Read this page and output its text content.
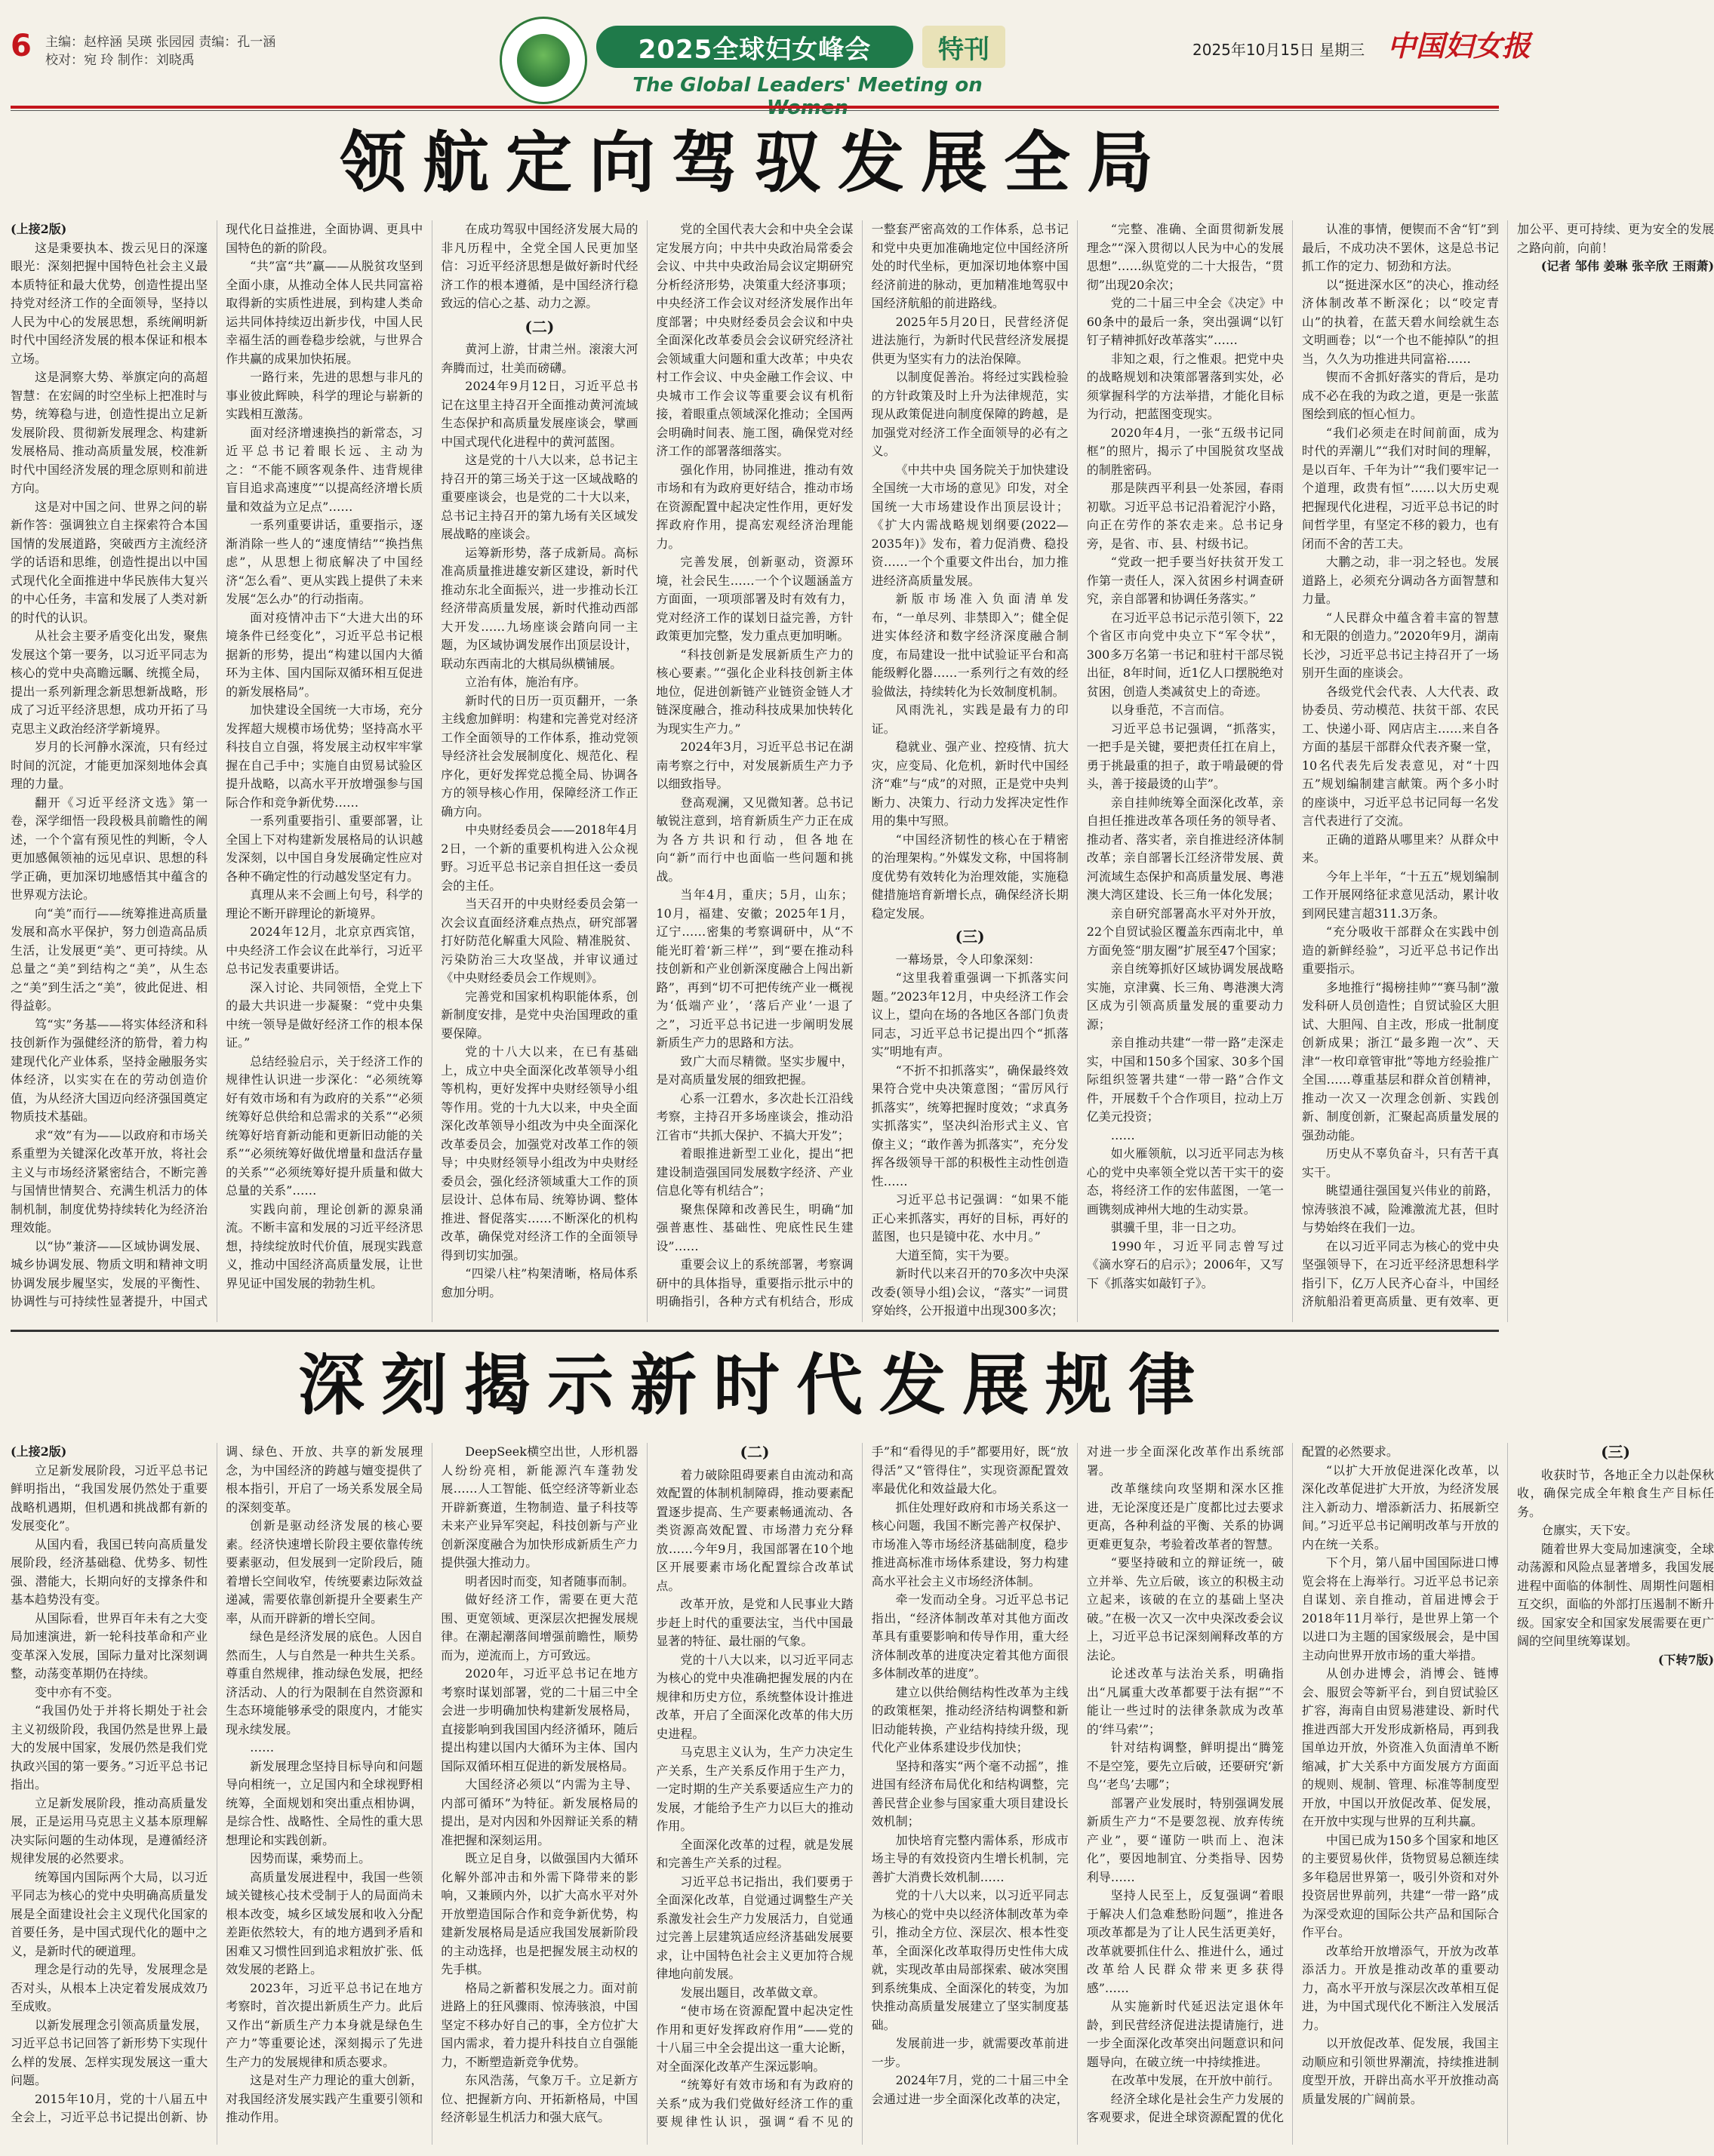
6 主编：赵梓涵 吴瑛 张园园 责编：孔一涵
校对：宛 玲 制作：刘晓禹	2025全球妇女峰会	特刊
The Global Leaders' Meeting on
2025年10月15日 星期三 中国妇女报
领航定向驾驭发展全局

(上接2版)

这是秉要执本、拨云见日的深邃眼光：深刻把握中国特色社会主义最本质特征和最大优势，创造性提出坚持党对经济工作的全面领导，坚持以人民为中心的发展思想，系统阐明新时代中国经济发展的根本保证和根本立场。

这是洞察大势、举旗定向的高超智慧：在宏阔的时空坐标上把准时与势，统筹稳与进，创造性提出立足新发展阶段、贯彻新发展理念、构建新发展格局、推动高质量发展，校准新时代中国经济发展的理念原则和前进方向。

这是对中国之问、世界之问的崭新作答：强调独立自主探索符合本国国情的发展道路，突破西方主流经济学的话语和思维，创造性提出以中国式现代化全面推进中华民族伟大复兴的中心任务，丰富和发展了人类对新的时代的认识。

从社会主要矛盾变化出发，聚焦发展这个第一要务，以习近平同志为核心的党中央高瞻远瞩、统揽全局，提出一系列新理念新思想新战略，形成了习近平经济思想，成功开拓了马克思主义政治经济学新境界。

岁月的长河静水深流，只有经过时间的沉淀，才能更加深刻地体会真理的力量。

翻开《习近平经济文选》第一卷，深学细悟一段段极具前瞻性的阐述，一个个富有预见性的判断，令人更加感佩领袖的远见卓识、思想的科学正确，更加深切地感悟其中蕴含的世界观方法论。

向“美”而行——统筹推进高质量发展和高水平保护，努力创造高品质生活，让发展更“美”、更可持续。从总量之“美”到结构之“美”，从生态之“美”到生活之“美”，彼此促进、相得益彰。

笃“实”务基——将实体经济和科技创新作为强健经济的筋骨，着力构建现代化产业体系，坚持金融服务实体经济，以实实在在的劳动创造价值，为从经济大国迈向经济强国奠定物质技术基础。

求“效”有为——以政府和市场关系重塑为关键深化改革开放，将社会主义与市场经济紧密结合，不断完善与国情世情契合、充满生机活力的体制机制，制度优势持续转化为经济治理效能。

以“协”兼济——区域协调发展、城乡协调发展、物质文明和精神文明协调发展步履坚实，发展的平衡性、协调性与可持续性显著提升，中国式现代化日益推进，全面协调、更具中国特色的新的阶段。

“共”富“共”赢——从脱贫攻坚到全面小康，从推动全体人民共同富裕取得新的实质性进展，到构建人类命运共同体持续迈出新步伐，中国人民幸福生活的画卷稳步绘就，与世界合作共赢的成果加快拓展。

一路行来，先进的思想与非凡的事业彼此辉映，科学的理论与崭新的实践相互激荡。

面对经济增速换挡的新常态，习近平总书记着眼长远、主动为之：“不能不顾客观条件、违背规律盲目追求高速度”“以提高经济增长质量和效益为立足点”……

一系列重要讲话，重要指示，逐渐消除一些人的“速度情结”“换挡焦虑”，从思想上彻底解决了中国经济“怎么看”、更从实践上提供了未来发展“怎么办”的行动指南。

面对疫情冲击下“大进大出的环境条件已经变化”，习近平总书记根据新的形势，提出“构建以国内大循环为主体、国内国际双循环相互促进的新发展格局”。

加快建设全国统一大市场，充分发挥超大规模市场优势；坚持高水平科技自立自强，将发展主动权牢牢掌握在自己手中；实施自由贸易试验区提升战略，以高水平开放增强参与国际合作和竞争新优势……

一系列重要指引、重要部署，让全国上下对构建新发展格局的认识越发深刻，以中国自身发展确定性应对各种不确定性的行动越发坚定有力。

真理从来不会画上句号，科学的理论不断开辟理论的新境界。

2024年12月，北京京西宾馆，中央经济工作会议在此举行，习近平总书记发表重要讲话。

深入讨论、共同领悟，全党上下的最大共识进一步凝聚：“党中央集中统一领导是做好经济工作的根本保证。”

总结经验启示，关于经济工作的规律性认识进一步深化：“必须统筹好有效市场和有为政府的关系”“必须统筹好总供给和总需求的关系”“必须统筹好培育新动能和更新旧动能的关系”“必须统筹好做优增量和盘活存量的关系”“必须统筹好提升质量和做大总量的关系”……

实践向前，理论创新的源泉涌流。不断丰富和发展的习近平经济思想，持续绽放时代价值，展现实践意义，推动中国经济高质量发展，让世界见证中国发展的勃勃生机。

在成功驾驭中国经济发展大局的非凡历程中，全党全国人民更加坚信：习近平经济思想是做好新时代经济工作的根本遵循，是中国经济行稳致远的信心之基、动力之源。

(二)

黄河上游，甘肃兰州。滚滚大河奔腾而过，壮美而磅礴。

2024年9月12日，习近平总书记在这里主持召开全面推动黄河流域生态保护和高质量发展座谈会，擘画中国式现代化进程中的黄河蓝图。

这是党的十八大以来，总书记主持召开的第三场关于这一区域战略的重要座谈会，也是党的二十大以来，总书记主持召开的第九场有关区域发展战略的座谈会。

运筹新形势，落子成新局。高标准高质量推进雄安新区建设，新时代推动东北全面振兴，进一步推动长江经济带高质量发展，新时代推动西部大开发……九场座谈会踏向同一主题，为区域协调发展作出顶层设计，联动东西南北的大棋局纵横铺展。

立治有体，施治有序。

新时代的日历一页页翻开，一条主线愈加鲜明：构建和完善党对经济工作全面领导的工作体系，推动党领导经济社会发展制度化、规范化、程序化，更好发挥党总揽全局、协调各方的领导核心作用，保障经济工作正确方向。

中央财经委员会——2018年4月2日，一个新的重要机构进入公众视野。习近平总书记亲自担任这一委员会的主任。

当天召开的中央财经委员会第一次会议直面经济难点热点，研究部署打好防范化解重大风险、精准脱贫、污染防治三大攻坚战，并审议通过《中央财经委员会工作规则》。

完善党和国家机构职能体系，创新制度安排，是党中央治国理政的重要保障。

党的十八大以来，在已有基础上，成立中央全面深化改革领导小组等机构，更好发挥中央财经领导小组等作用。党的十九大以来，中央全面深化改革领导小组改为中央全面深化改革委员会，加强党对改革工作的领导；中央财经领导小组改为中央财经委员会，强化经济领域重大工作的顶层设计、总体布局、统筹协调、整体推进、督促落实……不断深化的机构改革，确保党对经济工作的全面领导得到切实加强。

“四梁八柱”构架清晰，格局体系愈加分明。

党的全国代表大会和中央全会谋定发展方向；中共中央政治局常委会会议、中共中央政治局会议定期研究分析经济形势，决策重大经济事项；中央经济工作会议对经济发展作出年度部署；中央财经委员会会议和中央全面深化改革委员会会议研究经济社会领域重大问题和重大改革；中央农村工作会议、中央金融工作会议、中央城市工作会议等重要会议有机衔接，着眼重点领域深化推动；全国两会明确时间表、施工图，确保党对经济工作的部署落细落实。

强化作用，协同推进，推动有效市场和有为政府更好结合，推动市场在资源配置中起决定性作用，更好发挥政府作用，提高宏观经济治理能力。

完善发展，创新驱动，资源环境，社会民生……一个个议题涵盖方方面面，一项项部署及时有效有力，党对经济工作的谋划日益完善，方针政策更加完整，发力重点更加明晰。

“科技创新是发展新质生产力的核心要素。”“强化企业科技创新主体地位，促进创新链产业链资金链人才链深度融合，推动科技成果加快转化为现实生产力。”

2024年3月，习近平总书记在湖南考察之行中，对发展新质生产力予以细致指导。

登高观澜，又见微知著。总书记敏锐注意到，培育新质生产力正在成为各方共识和行动，但各地在向“新”而行中也面临一些问题和挑战。

当年4月，重庆；5月，山东；10月，福建、安徽；2025年1月，辽宁……密集的考察调研中，从“不能光盯着‘新三样’”，到“要在推动科技创新和产业创新深度融合上闯出新路”，再到“切不可把传统产业一概视为‘低端产业’，‘落后产业’一退了之”，习近平总书记进一步阐明发展新质生产力的思路和方法。

致广大而尽精微。坚实步履中，是对高质量发展的细致把握。

心系一江碧水，多次赴长江沿线考察，主持召开多场座谈会，推动沿江省市“共抓大保护、不搞大开发”；

着眼推进新型工业化，提出“把建设制造强国同发展数字经济、产业信息化等有机结合”；

聚焦保障和改善民生，明确“加强普惠性、基础性、兜底性民生建设”……

重要会议上的系统部署，考察调研中的具体指导，重要指示批示中的明确指引，各种方式有机结合，形成一整套严密高效的工作体系，总书记和党中央更加准确地定位中国经济所处的时代坐标，更加深切地体察中国经济前进的脉动，更加精准地驾驭中国经济航船的前进路线。

2025年5月20日，民营经济促进法施行，为新时代民营经济发展提供更为坚实有力的法治保障。

以制度促善治。将经过实践检验的方针政策及时上升为法律规范，实现从政策促进向制度保障的跨越，是加强党对经济工作全面领导的必有之义。

《中共中央 国务院关于加快建设全国统一大市场的意见》印发，对全国统一大市场建设作出顶层设计；《扩大内需战略规划纲要(2022—2035年)》发布，着力促消费、稳投资……一个个重要文件出台，加力推进经济高质量发展。

新版市场准入负面清单发布，“一单尽列、非禁即入”；健全促进实体经济和数字经济深度融合制度，布局建设一批中试验证平台和高能级孵化器……一系列行之有效的经验做法，持续转化为长效制度机制。

风雨洗礼，实践是最有力的印证。

稳就业、强产业、控疫情、抗大灾，应变局、化危机，新时代中国经济“难”与“成”的对照，正是党中央判断力、决策力、行动力发挥决定性作用的集中写照。

“中国经济韧性的核心在于精密的治理架构。”外媒发文称，中国将制度优势有效转化为治理效能，实施稳健措施培育新增长点，确保经济长期稳定发展。

(三)

一幕场景，令人印象深刻：

“这里我着重强调一下抓落实问题。”2023年12月，中央经济工作会议上，望向在场的各地区各部门负责同志，习近平总书记提出四个“抓落实”明地有声。

“不折不扣抓落实”，确保最终效果符合党中央决策意图；“雷厉风行抓落实”，统筹把握时度效；“求真务实抓落实”，坚决纠治形式主义、官僚主义；“敢作善为抓落实”，充分发挥各级领导干部的积极性主动性创造性……

习近平总书记强调：“如果不能正心来抓落实，再好的目标，再好的蓝图，也只是镜中花、水中月。”

大道至简，实干为要。

新时代以来召开的70多次中央深改委(领导小组)会议，“落实”一词贯穿始终，公开报道中出现300多次；

“完整、准确、全面贯彻新发展理念”“深入贯彻以人民为中心的发展思想”……纵览党的二十大报告，“贯彻”出现20余次；

党的二十届三中全会《决定》中60条中的最后一条，突出强调“以钉钉子精神抓好改革落实”……

非知之艰，行之惟艰。把党中央的战略规划和决策部署落到实处，必须掌握科学的方法举措，才能化目标为行动，把蓝图变现实。

2020年4月，一张“五级书记同框”的照片，揭示了中国脱贫攻坚战的制胜密码。

那是陕西平利县一处茶园，春雨初歇。习近平总书记沿着泥泞小路，向正在劳作的茶农走来。总书记身旁，是省、市、县、村级书记。

“党政一把手要当好扶贫开发工作第一责任人，深入贫困乡村调查研究，亲自部署和协调任务落实。”

在习近平总书记示范引领下，22个省区市向党中央立下“军令状”，300多万名第一书记和驻村干部尽锐出征，8年时间，近1亿人口摆脱绝对贫困，创造人类减贫史上的奇迹。

以身垂范，不言而信。

习近平总书记强调，“抓落实，一把手是关键，要把责任扛在肩上，勇于挑最重的担子，敢于啃最硬的骨头，善于接最烫的山芋”。

亲自挂帅统筹全面深化改革，亲自担任推进改革各项任务的领导者、推动者、落实者，亲自推进经济体制改革；亲自部署长江经济带发展、黄河流域生态保护和高质量发展、粤港澳大湾区建设、长三角一体化发展；

亲自研究部署高水平对外开放，22个自贸试验区覆盖东西南北中，单方面免签“朋友圈”扩展至47个国家；

亲自统筹抓好区域协调发展战略实施，京津冀、长三角、粤港澳大湾区成为引领高质量发展的重要动力源；

亲自推动共建“一带一路”走深走实，中国和150多个国家、30多个国际组织签署共建“一带一路”合作文件，开展数千个合作项目，拉动上万亿美元投资；

……

如火雁领航，以习近平同志为核心的党中央率领全党以苦干实干的姿态，将经济工作的宏伟蓝图，一笔一画镌刻成神州大地的生动实景。

骐骥千里，非一日之功。

1990年，习近平同志曾写过《滴水穿石的启示》；2006年，又写下《抓落实如敲钉子》。

认准的事情，便锲而不舍“钉”到最后，不成功决不罢休，这是总书记抓工作的定力、韧劲和方法。

以“挺进深水区”的决心，推动经济体制改革不断深化；以“咬定青山”的执着，在蓝天碧水间绘就生态文明画卷；以“一个也不能掉队”的担当，久久为功推进共同富裕……

锲而不舍抓好落实的背后，是功成不必在我的为政之道，更是一张蓝图绘到底的恒心恒力。

“我们必须走在时间前面，成为时代的弄潮儿”“我们对时间的理解，是以百年、千年为计”“我们要牢记一个道理，政贵有恒”……以大历史观把握现代化进程，习近平总书记的时间哲学里，有坚定不移的毅力，也有闭而不舍的苦工夫。

大鹏之动，非一羽之轻也。发展道路上，必须充分调动各方面智慧和力量。

“人民群众中蕴含着丰富的智慧和无限的创造力。”2020年9月，湖南长沙，习近平总书记主持召开了一场别开生面的座谈会。

各级党代会代表、人大代表、政协委员、劳动模范、扶贫干部、农民工、快递小哥、网店店主……来自各方面的基层干部群众代表齐聚一堂，10名代表先后发表意见，对“十四五”规划编制建言献策。两个多小时的座谈中，习近平总书记同每一名发言代表进行了交流。

正确的道路从哪里来？从群众中来。

今年上半年，“十五五”规划编制工作开展网络征求意见活动，累计收到网民建言超311.3万条。

“充分吸收干部群众在实践中创造的新鲜经验”，习近平总书记作出重要指示。

多地推行“揭榜挂帅”“赛马制”激发科研人员创造性；自贸试验区大胆试、大胆闯、自主改，形成一批制度创新成果；浙江“最多跑一次”、天津“一枚印章管审批”等地方经验推广全国……尊重基层和群众首创精神，推动一次又一次理念创新、实践创新、制度创新，汇聚起高质量发展的强劲动能。

历史从不辜负奋斗，只有苦干真实干。

眺望通往强国复兴伟业的前路，惊涛骇浪不减，险滩激流尤甚，但时与势始终在我们一边。

在以习近平同志为核心的党中央坚强领导下，在习近平经济思想科学指引下，亿万人民齐心奋斗，中国经济航船沿着更高质量、更有效率、更加公平、更可持续、更为安全的发展之路向前，向前！

(记者 邹伟 姜琳 张辛欣 王雨萧)

深刻揭示新时代发展规律

(上接2版)

立足新发展阶段，习近平总书记鲜明指出，“我国发展仍然处于重要战略机遇期，但机遇和挑战都有新的发展变化”。

从国内看，我国已转向高质量发展阶段，经济基础稳、优势多、韧性强、潜能大，长期向好的支撑条件和基本趋势没有变。

从国际看，世界百年未有之大变局加速演进，新一轮科技革命和产业变革深入发展，国际力量对比深刻调整，动荡变革期仍在持续。

变中亦有不变。

“我国仍处于并将长期处于社会主义初级阶段，我国仍然是世界上最大的发展中国家，发展仍然是我们党执政兴国的第一要务。”习近平总书记指出。

立足新发展阶段，推动高质量发展，正是运用马克思主义基本原理解决实际问题的生动体现，是遵循经济规律发展的必然要求。

统筹国内国际两个大局，以习近平同志为核心的党中央明确高质量发展是全面建设社会主义现代化国家的首要任务，是中国式现代化的题中之义，是新时代的硬道理。

理念是行动的先导，发展理念是否对头，从根本上决定着发展成效乃至成败。

以新发展理念引领高质量发展，习近平总书记回答了新形势下实现什么样的发展、怎样实现发展这一重大问题。

2015年10月，党的十八届五中全会上，习近平总书记提出创新、协调、绿色、开放、共享的新发展理念，为中国经济的跨越与嬗变提供了根本指引，开启了一场关系发展全局的深刻变革。

创新是驱动经济发展的核心要素。经济快速增长阶段主要依靠传统要素驱动，但发展到一定阶段后，随着增长空间收窄，传统要素边际效益递减，需要依靠创新提升全要素生产率，从而开辟新的增长空间。

绿色是经济发展的底色。人因自然而生，人与自然是一种共生关系。尊重自然规律，推动绿色发展，把经济活动、人的行为限制在自然资源和生态环境能够承受的限度内，才能实现永续发展。

……

新发展理念坚持目标导向和问题导向相统一，立足国内和全球视野相统筹，全面规划和突出重点相协调，是综合性、战略性、全局性的重大思想理论和实践创新。

因势而谋，乘势而上。

高质量发展进程中，我国一些领域关键核心技术受制于人的局面尚未根本改变，城乡区域发展和收入分配差距依然较大，有的地方遇到矛盾和困难又习惯性回到追求粗放扩张、低效发展的老路上。

2023年，习近平总书记在地方考察时，首次提出新质生产力。此后又作出“新质生产力本身就是绿色生产力”等重要论述，深刻揭示了先进生产力的发展规律和质态要求。

这是对生产力理论的重大创新，对我国经济发展实践产生重要引领和推动作用。

DeepSeek横空出世，人形机器人纷纷亮相，新能源汽车蓬勃发展……人工智能、低空经济等新业态开辟新赛道，生物制造、量子科技等未来产业异军突起，科技创新与产业创新深度融合为加快形成新质生产力提供强大推动力。

明者因时而变，知者随事而制。

做好经济工作，需要在更大范围、更宽领域、更深层次把握发展规律。在潮起潮落间增强前瞻性，顺势而为，逆流而上，方可致远。

2020年，习近平总书记在地方考察时谋划部署，党的二十届三中全会进一步明确加快构建新发展格局，直接影响到我国国内经济循环，随后提出构建以国内大循环为主体、国内国际双循环相互促进的新发展格局。

大国经济必须以“内需为主导、内部可循环”为特征。新发展格局的提出，是对内因和外因辩证关系的精准把握和深刻运用。

既立足自身，以做强国内大循环化解外部冲击和外需下降带来的影响，又兼顾内外，以扩大高水平对外开放塑造国际合作和竞争新优势，构建新发展格局是适应我国发展新阶段的主动选择，也是把握发展主动权的先手棋。

格局之新蓄积发展之力。面对前进路上的狂风骤雨、惊涛骇浪，中国坚定不移办好自己的事，全方位扩大国内需求，着力提升科技自立自强能力，不断塑造新竞争优势。

东风浩荡，气象万千。立足新方位、把握新方向、开拓新格局，中国经济彰显生机活力和强大底气。

(二)

着力破除阻碍要素自由流动和高效配置的体制机制障碍，推动要素配置逐步提高、生产要素畅通流动、各类资源高效配置、市场潜力充分释放……今年9月，我国部署在10个地区开展要素市场化配置综合改革试点。

改革开放，是党和人民事业大踏步赶上时代的重要法宝，当代中国最显著的特征、最壮丽的气象。

党的十八大以来，以习近平同志为核心的党中央准确把握发展的内在规律和历史方位，系统整体设计推进改革，开启了全面深化改革的伟大历史进程。

马克思主义认为，生产力决定生产关系，生产关系反作用于生产力，一定时期的生产关系要适应生产力的发展，才能给予生产力以巨大的推动作用。

全面深化改革的过程，就是发展和完善生产关系的过程。

习近平总书记指出，我们要勇于全面深化改革，自觉通过调整生产关系激发社会生产力发展活力，自觉通过完善上层建筑适应经济基础发展要求，让中国特色社会主义更加符合规律地向前发展。

发展出题目，改革做文章。

“使市场在资源配置中起决定性作用和更好发挥政府作用”——党的十八届三中全会提出这一重大论断，对全面深化改革产生深远影响。

“统筹好有效市场和有为政府的关系”成为我们党做好经济工作的重要规律性认识，强调“看不见的手”和“看得见的手”都要用好，既“放得活”又“管得住”，实现资源配置效率最优化和效益最大化。

抓住处理好政府和市场关系这一核心问题，我国不断完善产权保护、市场准入等市场经济基础制度，稳步推进高标准市场体系建设，努力构建高水平社会主义市场经济体制。

牵一发而动全身。习近平总书记指出，“经济体制改革对其他方面改革具有重要影响和传导作用，重大经济体制改革的进度决定着其他方面很多体制改革的进度”。

建立以供给侧结构性改革为主线的政策框架，推动经济结构调整和新旧动能转换，产业结构持续升级，现代化产业体系建设步伐加快；

坚持和落实“两个毫不动摇”，推进国有经济布局优化和结构调整，完善民营企业参与国家重大项目建设长效机制；

加快培育完整内需体系，形成市场主导的有效投资内生增长机制，完善扩大消费长效机制……

党的十八大以来，以习近平同志为核心的党中央以经济体制改革为牵引，推动全方位、深层次、根本性变革，全面深化改革取得历史性伟大成就，实现改革由局部探索、破冰突围到系统集成、全面深化的转变，为加快推动高质量发展建立了坚实制度基础。

发展前进一步，就需要改革前进一步。

2024年7月，党的二十届三中全会通过进一步全面深化改革的决定，对进一步全面深化改革作出系统部署。

改革继续向攻坚期和深水区推进，无论深度还是广度都比过去要求更高，各种利益的平衡、关系的协调更难更复杂，考验着改革者的智慧。

“要坚持破和立的辩证统一，破立并举、先立后破，该立的积极主动立起来，该破的在立的基础上坚决破。”在极一次又一次中央深改委会议上，习近平总书记深刻阐释改革的方法论。

论述改革与法治关系，明确指出“凡属重大改革都要于法有据”“不能让一些过时的法律条款成为改革的‘绊马索’”；

针对结构调整，鲜明提出“腾笼不是空笼，要先立后破，还要研究‘新鸟’‘老鸟’去哪”；

部署产业发展时，特别强调发展新质生产力“不是要忽视、放弃传统产业”，要“谨防一哄而上、泡沫化”，要因地制宜、分类指导、因势利导……

坚持人民至上，反复强调“着眼于解决人们急难愁盼问题”，推进各项改革都是为了让人民生活更美好，改革就要抓住什么、推进什么，通过改革给人民群众带来更多获得感”……

从实施新时代延迟法定退休年龄，到民营经济促进法提请施行，进一步全面深化改革突出问题意识和问题导向，在破立统一中持续推进。

在改革中发展，在开放中前行。

经济全球化是社会生产力发展的客观要求，促进全球资源配置的优化配置的必然要求。

“以扩大开放促进深化改革，以深化改革促进扩大开放，为经济发展注入新动力、增添新活力、拓展新空间。”习近平总书记阐明改革与开放的内在统一关系。

下个月，第八届中国国际进口博览会将在上海举行。习近平总书记亲自谋划、亲自推动，首届进博会于2018年11月举行，是世界上第一个以进口为主题的国家级展会，是中国主动向世界开放市场的重大举措。

从创办进博会，消博会、链博会、服贸会等新平台，到自贸试验区扩容，海南自由贸易港建设、新时代推进西部大开发形成新格局，再到我国单边开放，外资准入负面清单不断缩减，扩大关系中方面发展方方面面的规则、规制、管理、标准等制度型开放，中国以开放促改革、促发展，在开放中实现与世界的互利共赢。

中国已成为150多个国家和地区的主要贸易伙伴，货物贸易总额连续多年稳居世界第一，吸引外资和对外投资居世界前列，共建“一带一路”成为深受欢迎的国际公共产品和国际合作平台。

改革给开放增添气，开放为改革添活力。开放是推动改革的重要动力，高水平开放与深层次改革相互促进，为中国式现代化不断注入发展活力。

以开放促改革、促发展，我国主动顺应和引领世界潮流，持续推进制度型开放，开辟出高水平开放推动高质量发展的广阔前景。

(三)

收获时节，各地正全力以赴保秋收，确保完成全年粮食生产目标任务。

仓廪实，天下安。

随着世界大变局加速演变，全球动荡源和风险点显著增多，我国发展进程中面临的体制性、周期性问题相互交织，面临的外部打压遏制不断升级。国家安全和国家发展需要在更广阔的空间里统筹谋划。

(下转7版)
